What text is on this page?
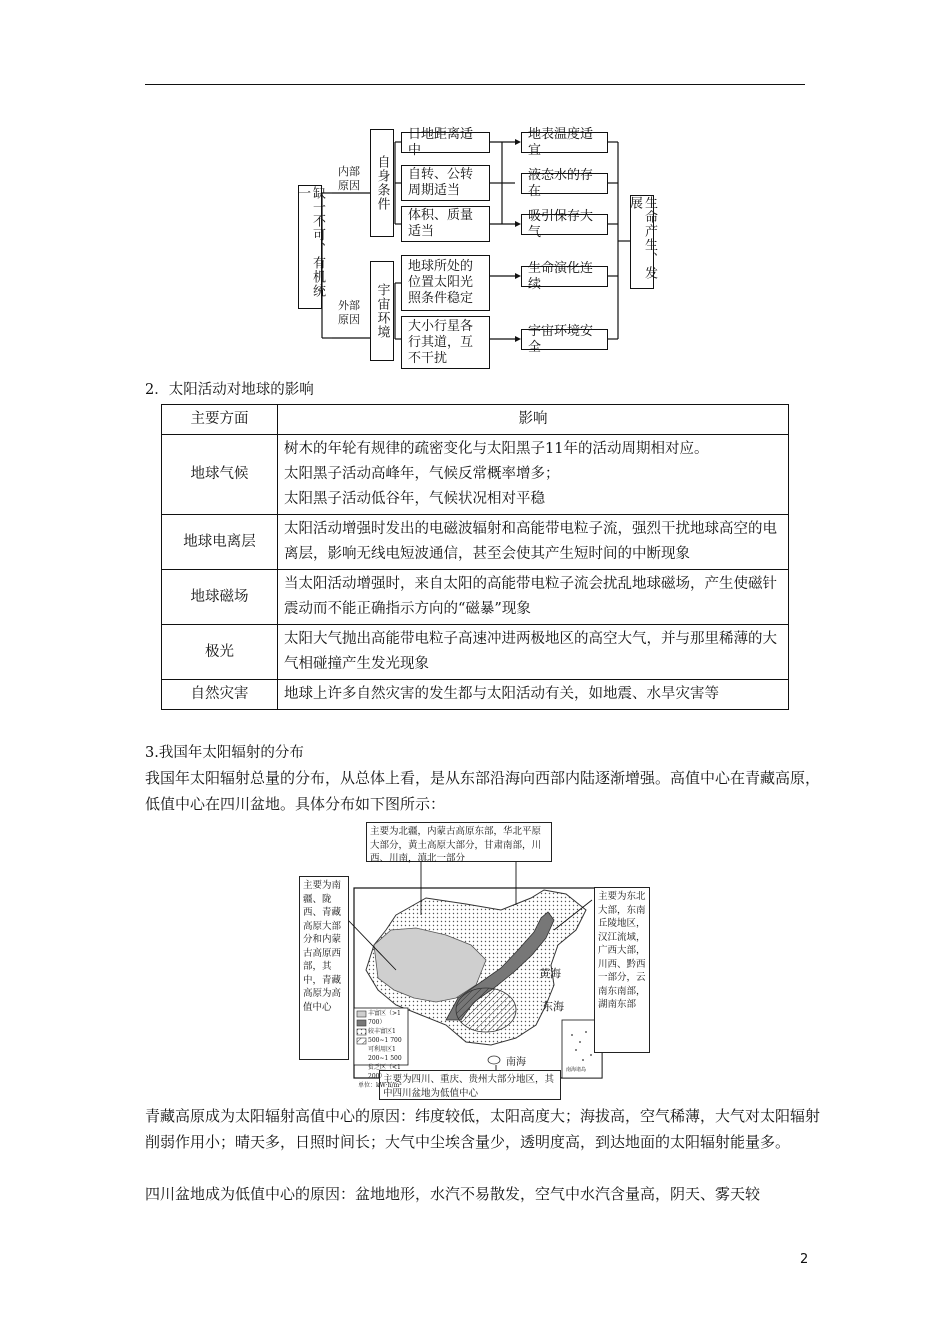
缺一不可、有机统一
内部原因
外部原因
自身条件
宇宙环境
日地距离适中
自转、公转周期适当
体积、质量适当
地球所处的位置太阳光照条件稳定
大小行星各行其道，互不干扰
地表温度适宜
液态水的存在
吸引保存大气
生命演化连续
宇宙环境安全
生命产生、发展
2．太阳活动对地球的影响
主要方面	影响
地球气候	树木的年轮有规律的疏密变化与太阳黑子11年的活动周期相对应。
太阳黑子活动高峰年，气候反常概率增多；
太阳黑子活动低谷年，气候状况相对平稳

地球电离层	太阳活动增强时发出的电磁波辐射和高能带电粒子流，强烈干扰地球高空的电离层，影响无线电短波通信，甚至会使其产生短时间的中断现象
地球磁场	当太阳活动增强时，来自太阳的高能带电粒子流会扰乱地球磁场，产生使磁针震动而不能正确指示方向的“磁暴”现象
极光	太阳大气抛出高能带电粒子高速冲进两极地区的高空大气，并与那里稀薄的大气相碰撞产生发光现象
自然灾害	地球上许多自然灾害的发生都与太阳活动有关，如地震、水旱灾害等
3.我国年太阳辐射的分布
我国年太阳辐射总量的分布，从总体上看，是从东部沿海向西部内陆逐渐增强。高值中心在青藏高原，低值中心在四川盆地。具体分布如下图所示：
主要为北疆，内蒙古高原东部，华北平原大部分，黄土高原大部分，甘肃南部，川西、川南，滇北一部分
主要为南疆、陇西、青藏高原大部分和内蒙古高原西部，其中，青藏高原为高值中心
主要为东北大部，东南丘陵地区，汉江流域，广西大部，川西、黔西一部分，云南东南部，湖南东部
主要为四川、重庆、贵州大部分地区，其中四川盆地为低值中心
黄海
东海
南海
丰富区（>1 700）
较丰富区1 500~1 700
可利用区1 200~1 500
贫乏区（<1 200）
单位：kW·h/m²
南海诸岛
青藏高原成为太阳辐射高值中心的原因：纬度较低，太阳高度大；海拔高，空气稀薄，大气对太阳辐射削弱作用小；晴天多，日照时间长；大气中尘埃含量少，透明度高，到达地面的太阳辐射能量多。
四川盆地成为低值中心的原因：盆地地形，水汽不易散发，空气中水汽含量高，阴天、雾天较
2
